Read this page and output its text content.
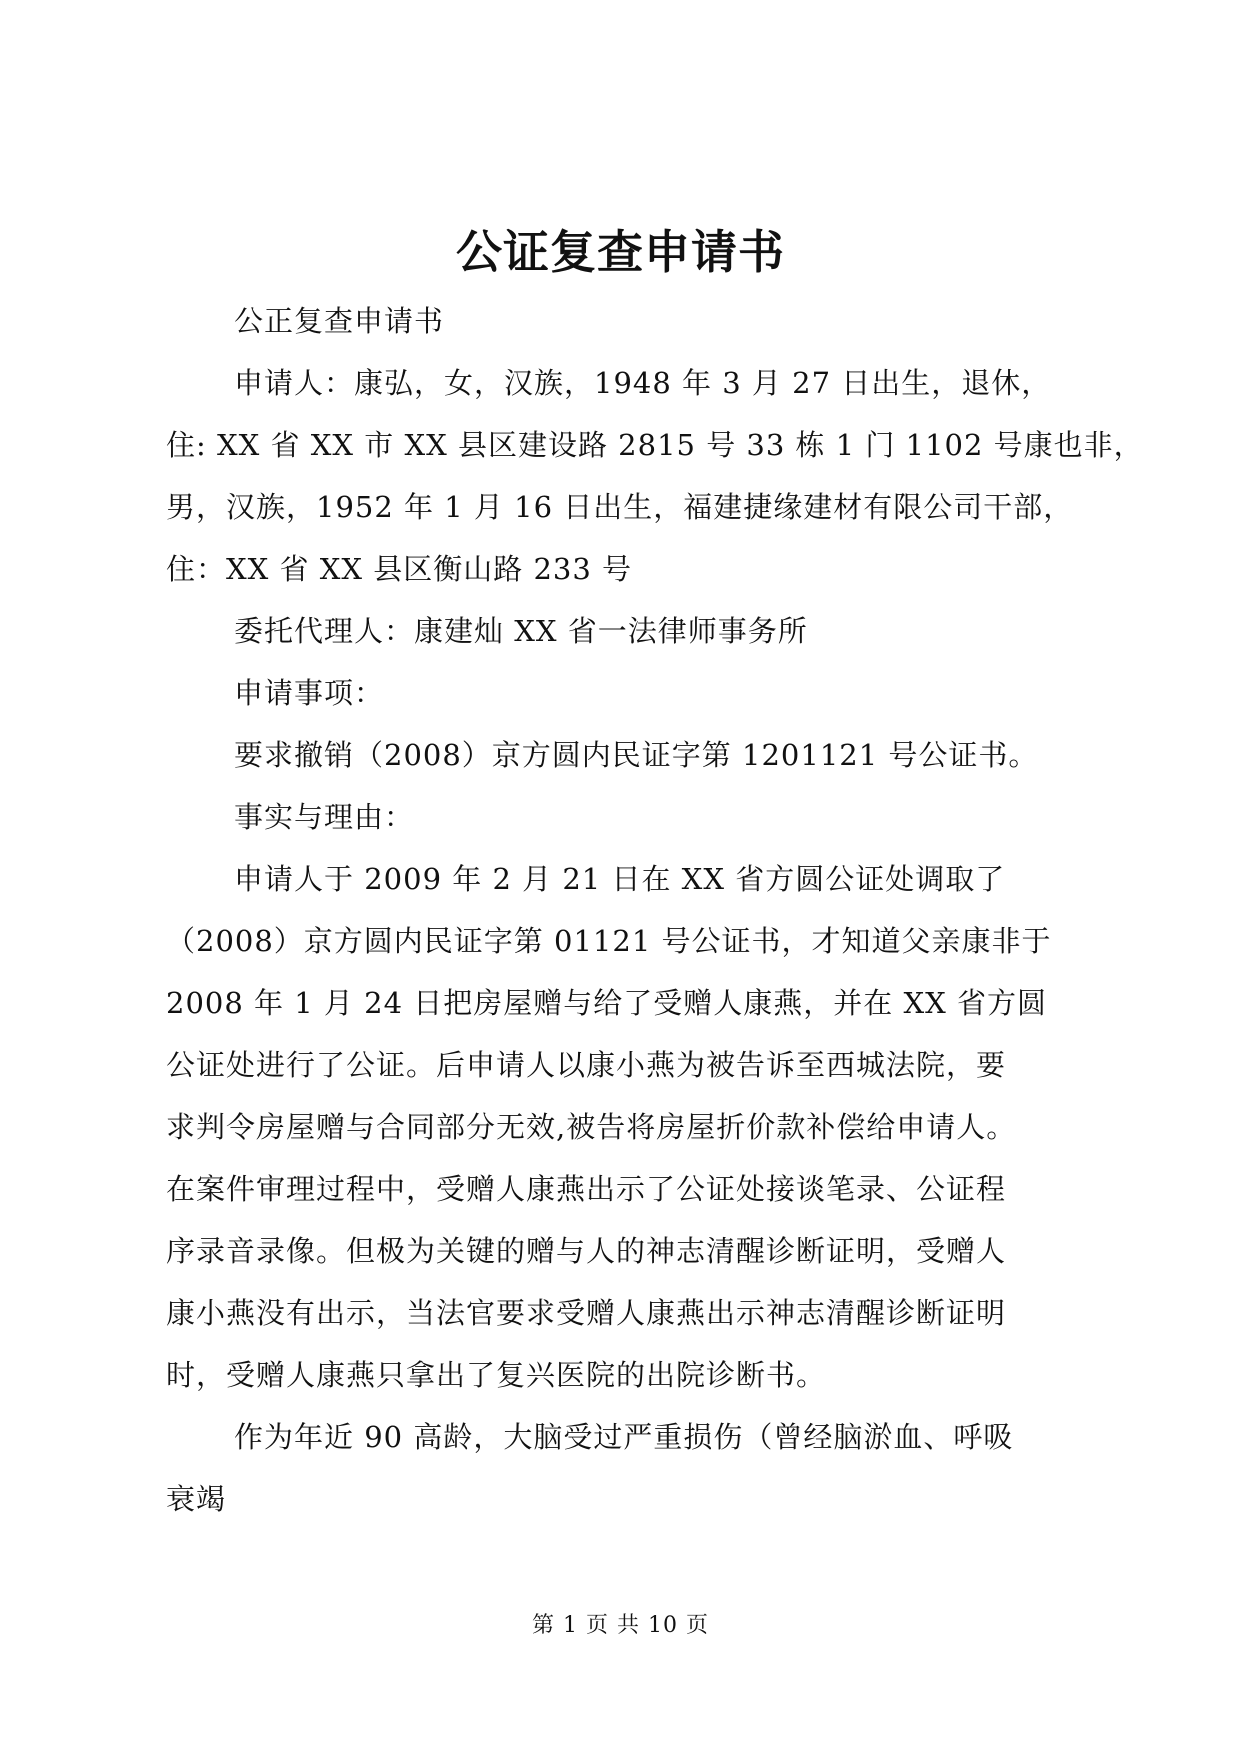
公证复查申请书
公正复查申请书
申请人：康弘，女，汉族，1948 年 3 月 27 日出生，退休，
住: XX 省 XX 市 XX 县区建设路 2815 号 33 栋 1 门 1102 号康也非，
男，汉族，1952 年 1 月 16 日出生，福建捷缘建材有限公司干部，
住：XX 省 XX 县区衡山路 233 号
委托代理人：康建灿 XX 省一法律师事务所
申请事项：
要求撤销（2008）京方圆内民证字第 1201121 号公证书。
事实与理由：
申请人于 2009 年 2 月 21 日在 XX 省方圆公证处调取了
（2008）京方圆内民证字第 01121 号公证书，才知道父亲康非于
2008 年 1 月 24 日把房屋赠与给了受赠人康燕，并在 XX 省方圆
公证处进行了公证。后申请人以康小燕为被告诉至西城法院，要
求判令房屋赠与合同部分无效,被告将房屋折价款补偿给申请人。
在案件审理过程中，受赠人康燕出示了公证处接谈笔录、公证程
序录音录像。但极为关键的赠与人的神志清醒诊断证明，受赠人
康小燕没有出示，当法官要求受赠人康燕出示神志清醒诊断证明
时，受赠人康燕只拿出了复兴医院的出院诊断书。
作为年近 90 高龄，大脑受过严重损伤（曾经脑淤血、呼吸
衰竭
第 1 页 共 10 页
